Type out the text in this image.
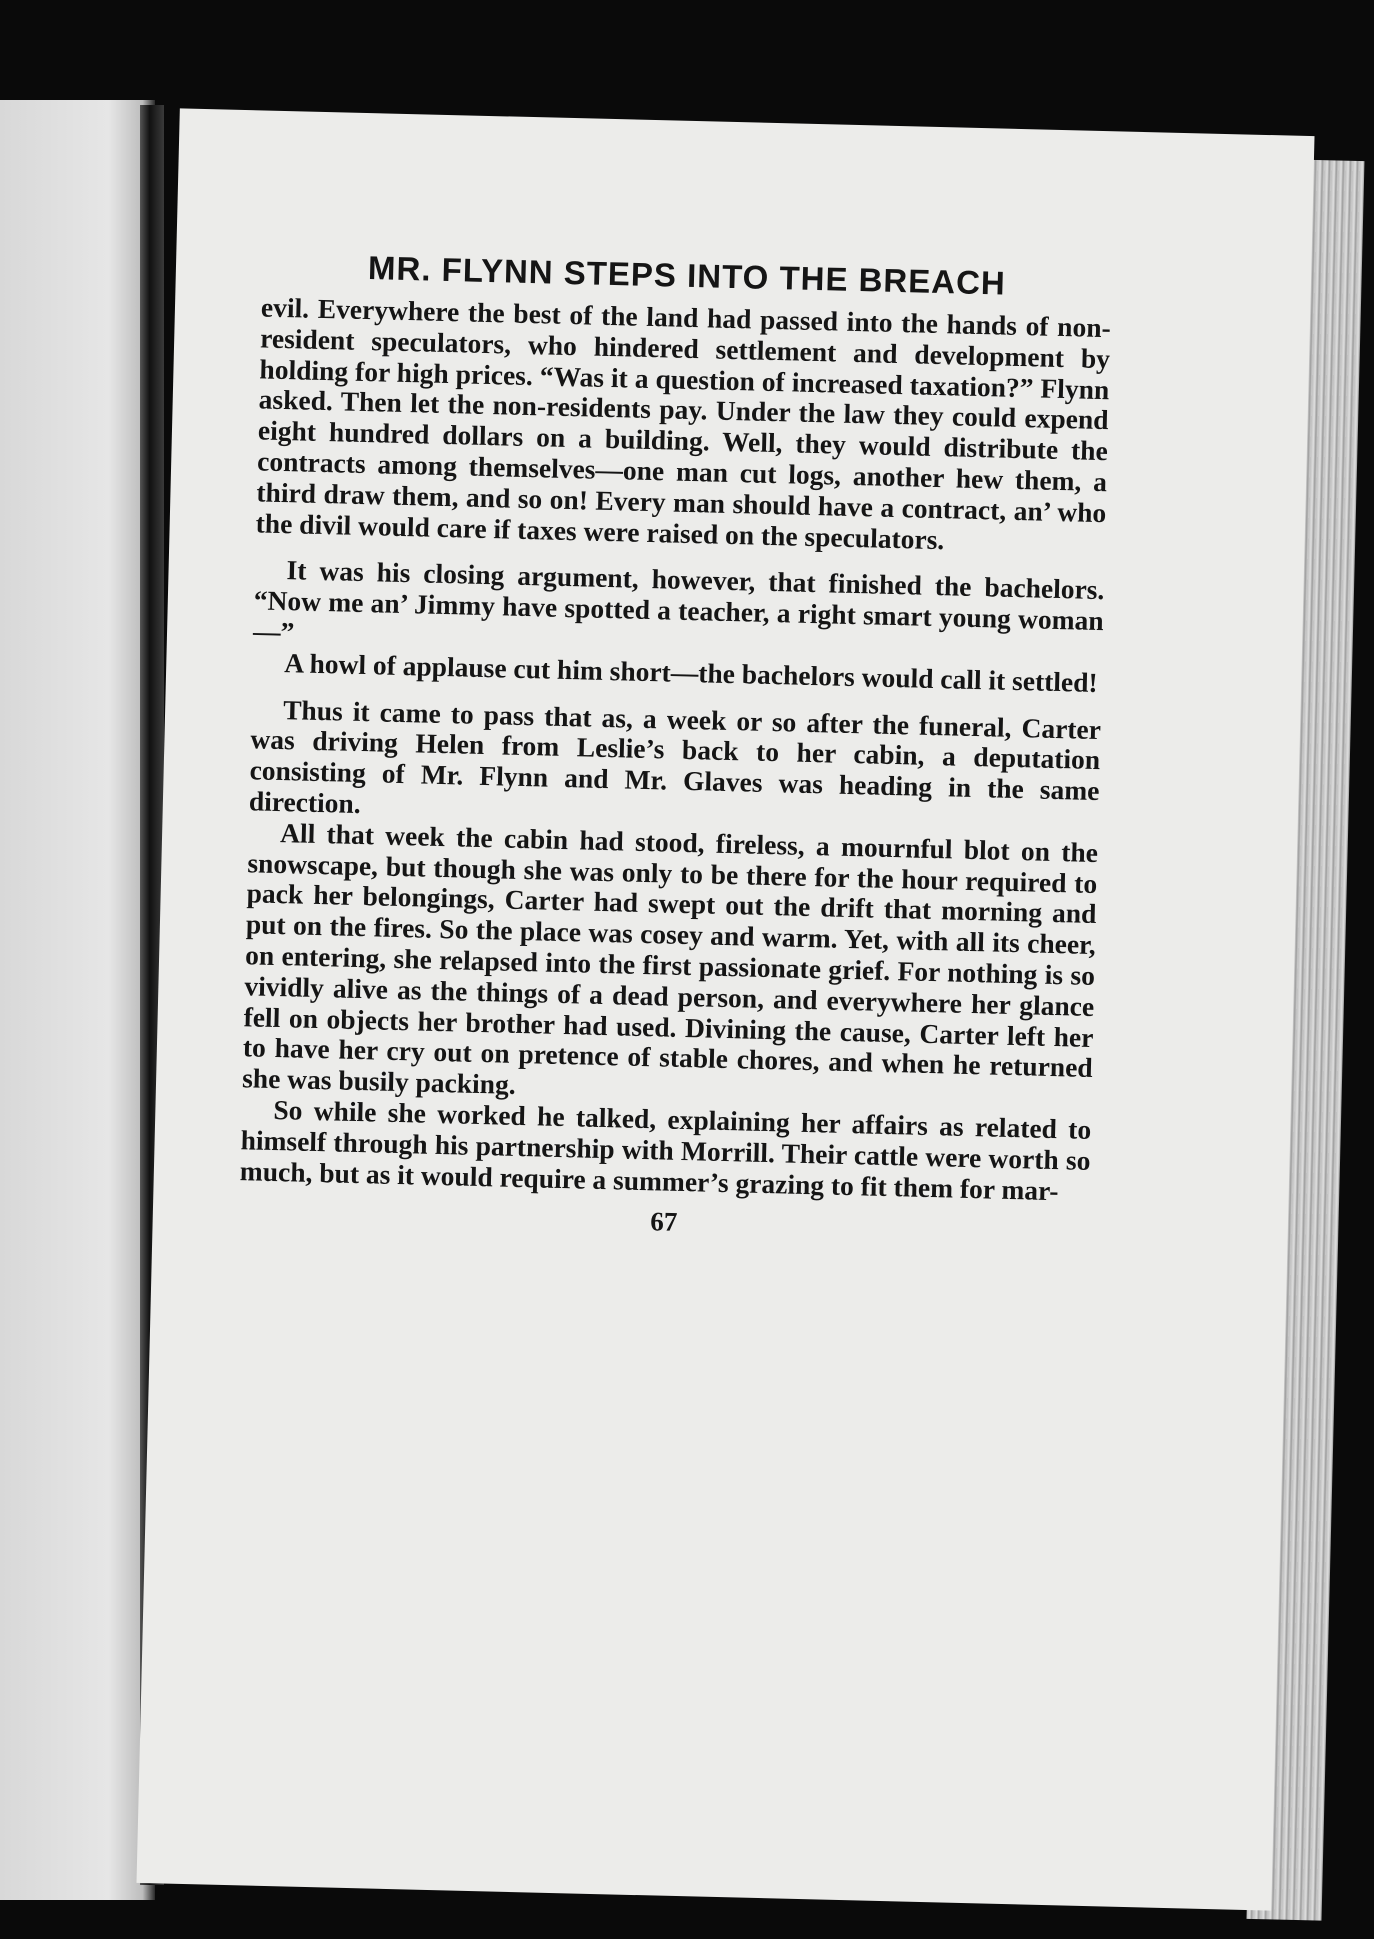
MR. FLYNN STEPS INTO THE BREACH

evil. Everywhere the best of the land had passed into the hands of non-resident speculators, who hindered settlement and development by holding for high prices. “Was it a question of increased taxation?” Flynn asked. Then let the non-residents pay. Under the law they could expend eight hundred dollars on a building. Well, they would distribute the contracts among themselves—one man cut logs, another hew them, a third draw them, and so on! Every man should have a contract, an’ who the divil would care if taxes were raised on the speculators.

It was his closing argument, however, that finished the bachelors. “Now me an’ Jimmy have spotted a teacher, a right smart young woman—”

A howl of applause cut him short—the bachelors would call it settled!

Thus it came to pass that as, a week or so after the funeral, Carter was driving Helen from Leslie’s back to her cabin, a deputation consisting of Mr. Flynn and Mr. Glaves was heading in the same direction.

All that week the cabin had stood, fireless, a mournful blot on the snowscape, but though she was only to be there for the hour required to pack her belongings, Carter had swept out the drift that morning and put on the fires. So the place was cosey and warm. Yet, with all its cheer, on entering, she relapsed into the first passionate grief. For nothing is so vividly alive as the things of a dead person, and everywhere her glance fell on objects her brother had used. Divining the cause, Carter left her to have her cry out on pretence of stable chores, and when he returned she was busily packing.

So while she worked he talked, explaining her affairs as related to himself through his partnership with Morrill. Their cattle were worth so much, but as it would require a summer’s grazing to fit them for mar-

67
